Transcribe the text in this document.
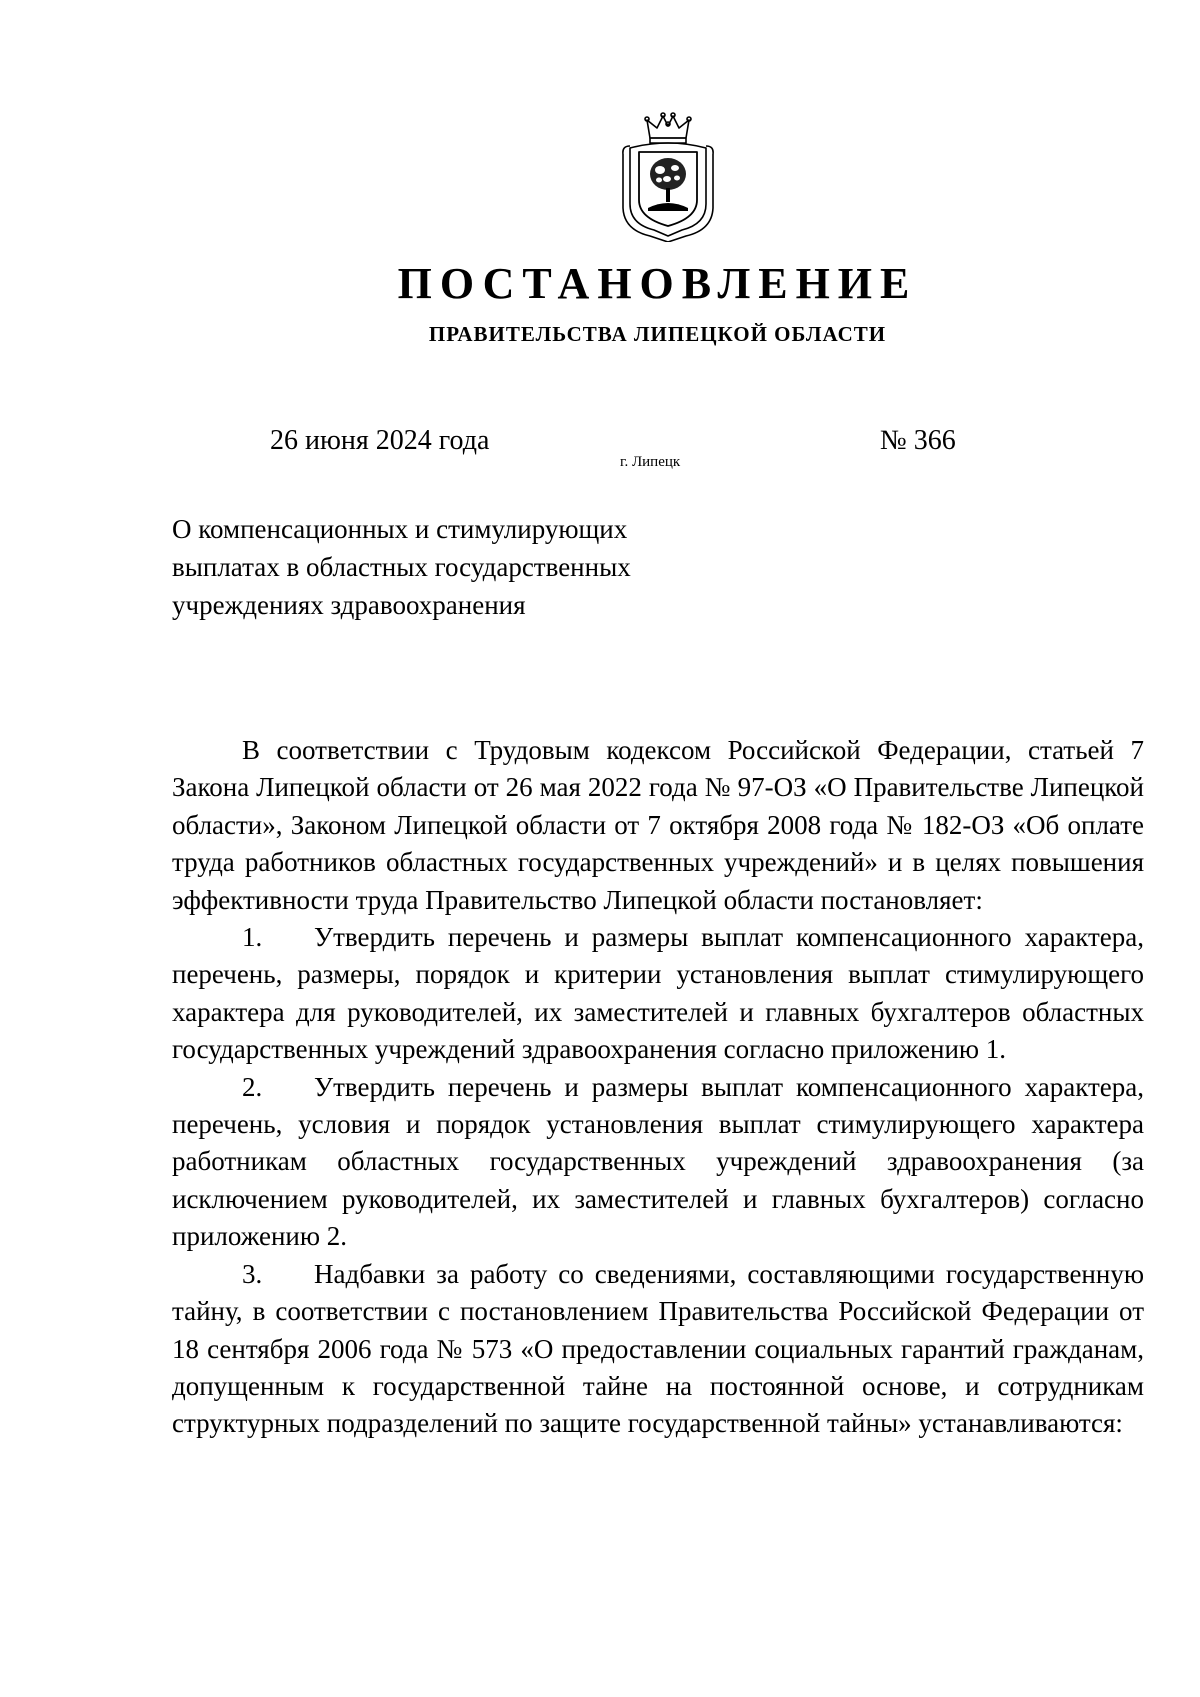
ПОСТАНОВЛЕНИЕ
ПРАВИТЕЛЬСТВА ЛИПЕЦКОЙ ОБЛАСТИ
26 июня 2024 года
г. Липецк
№ 366
О компенсационных и стимулирующих
выплатах в областных государственных
учреждениях здравоохранения

В соответствии с Трудовым кодексом Российской Федерации, статьей 7 Закона Липецкой области от 26 мая 2022 года № 97-ОЗ «О Правительстве Липецкой области», Законом Липецкой области от 7 октября 2008 года № 182-ОЗ «Об оплате труда работников областных государственных учреждений» и в целях повышения эффективности труда Правительство Липецкой области постановляет:

1. Утвердить перечень и размеры выплат компенсационного характера, перечень, размеры, порядок и критерии установления выплат стимулирующего характера для руководителей, их заместителей и главных бухгалтеров областных государственных учреждений здравоохранения согласно приложению 1.

2. Утвердить перечень и размеры выплат компенсационного характера, перечень, условия и порядок установления выплат стимулирующего характера работникам областных государственных учреждений здравоохранения (за исключением руководителей, их заместителей и главных бухгалтеров) согласно приложению 2.

3. Надбавки за работу со сведениями, составляющими государственную тайну, в соответствии с постановлением Правительства Российской Федерации от 18 сентября 2006 года № 573 «О предоставлении социальных гарантий гражданам, допущенным к государственной тайне на постоянной основе, и сотрудникам структурных подразделений по защите государственной тайны» устанавливаются:
